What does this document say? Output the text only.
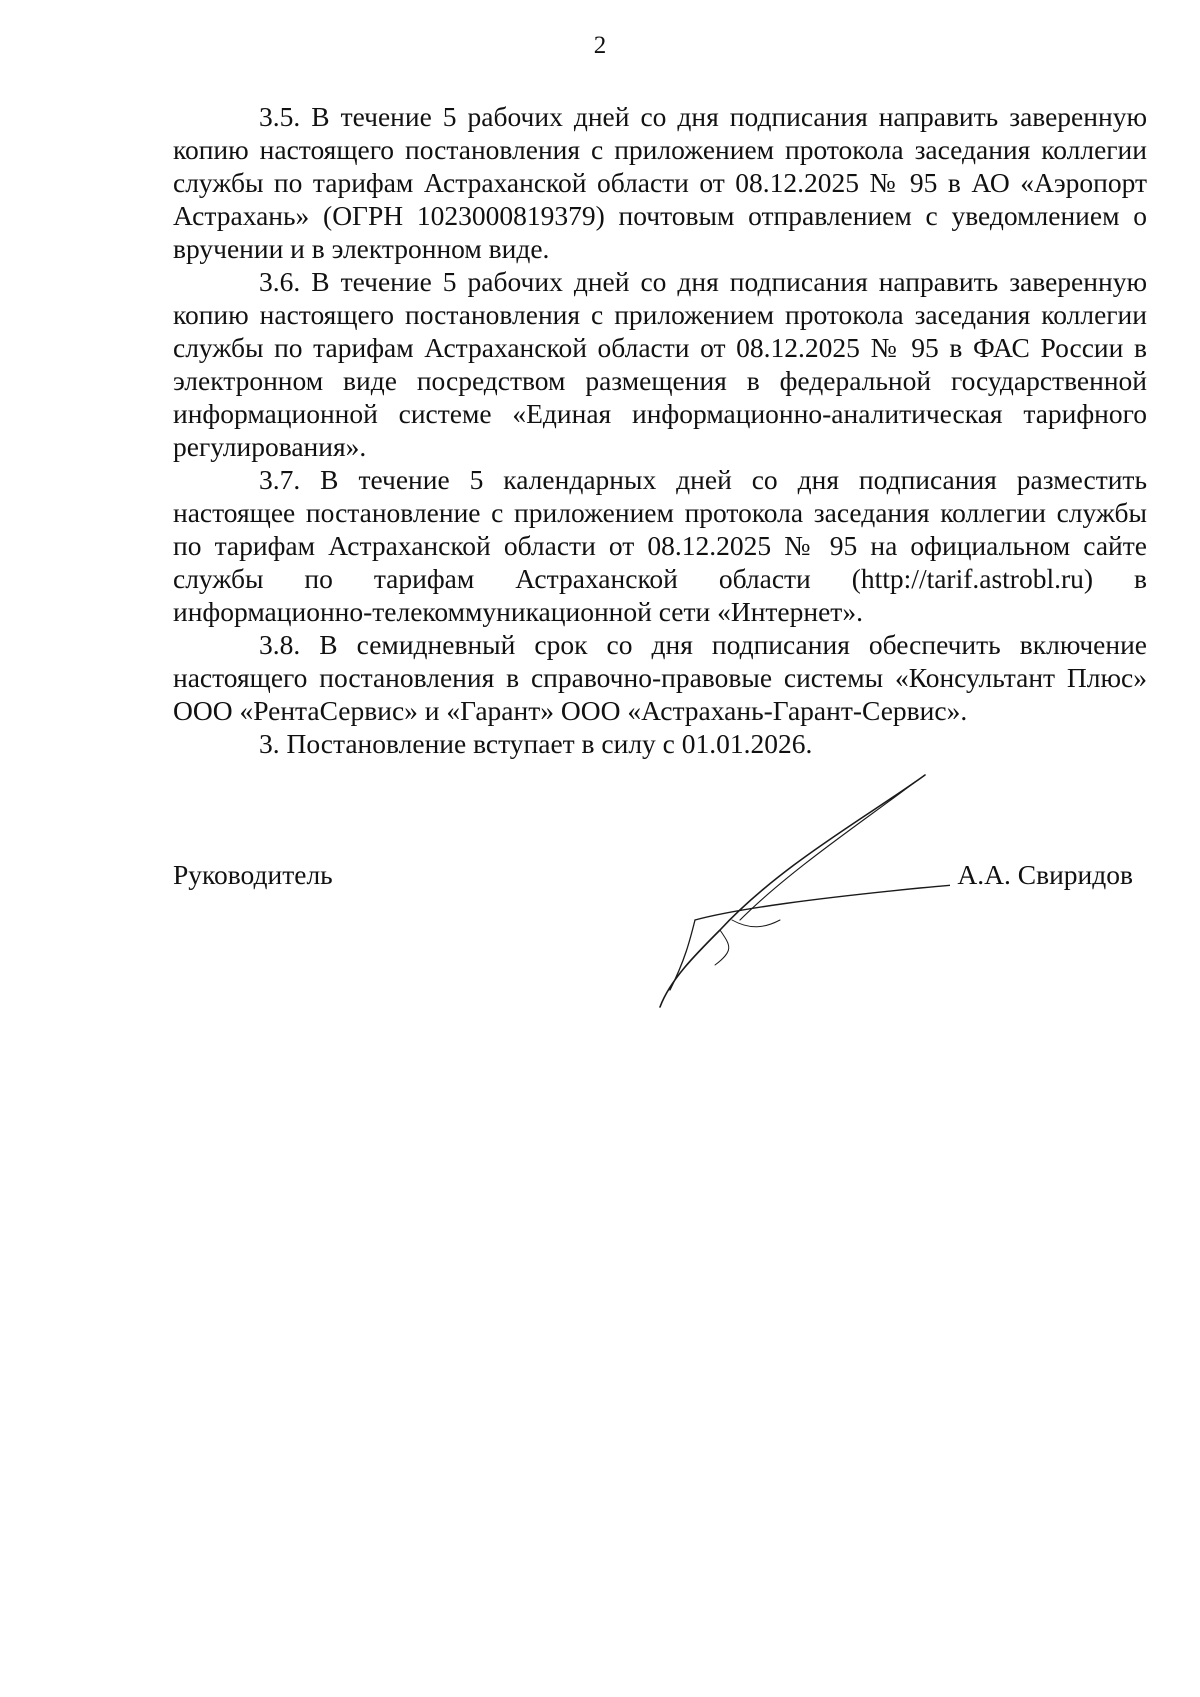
2

3.5. В течение 5 рабочих дней со дня подписания направить заверенную копию настоящего постановления с приложением протокола заседания коллегии службы по тарифам Астраханской области от 08.12.2025 № 95 в АО «Аэропорт Астрахань» (ОГРН 1023000819379) почтовым отправлением с уведомлением о вручении и в электронном виде.

3.6. В течение 5 рабочих дней со дня подписания направить заверенную копию настоящего постановления с приложением протокола заседания коллегии службы по тарифам Астраханской области от 08.12.2025 № 95 в ФАС России в электронном виде посредством размещения в федеральной государственной информационной системе «Единая информационно-аналитическая тарифного регулирования».

3.7. В течение 5 календарных дней со дня подписания разместить настоящее постановление с приложением протокола заседания коллегии службы по тарифам Астраханской области от 08.12.2025 № 95 на официальном сайте службы по тарифам Астраханской области (http://tarif.astrobl.ru) в информационно-телекоммуникационной сети «Интернет».

3.8. В семидневный срок со дня подписания обеспечить включение настоящего постановления в справочно-правовые системы «Консультант Плюс» ООО «РентаСервис» и «Гарант» ООО «Астрахань-Гарант-Сервис».

3. Постановление вступает в силу с 01.01.2026.

Руководитель	А.А. Свиридов
